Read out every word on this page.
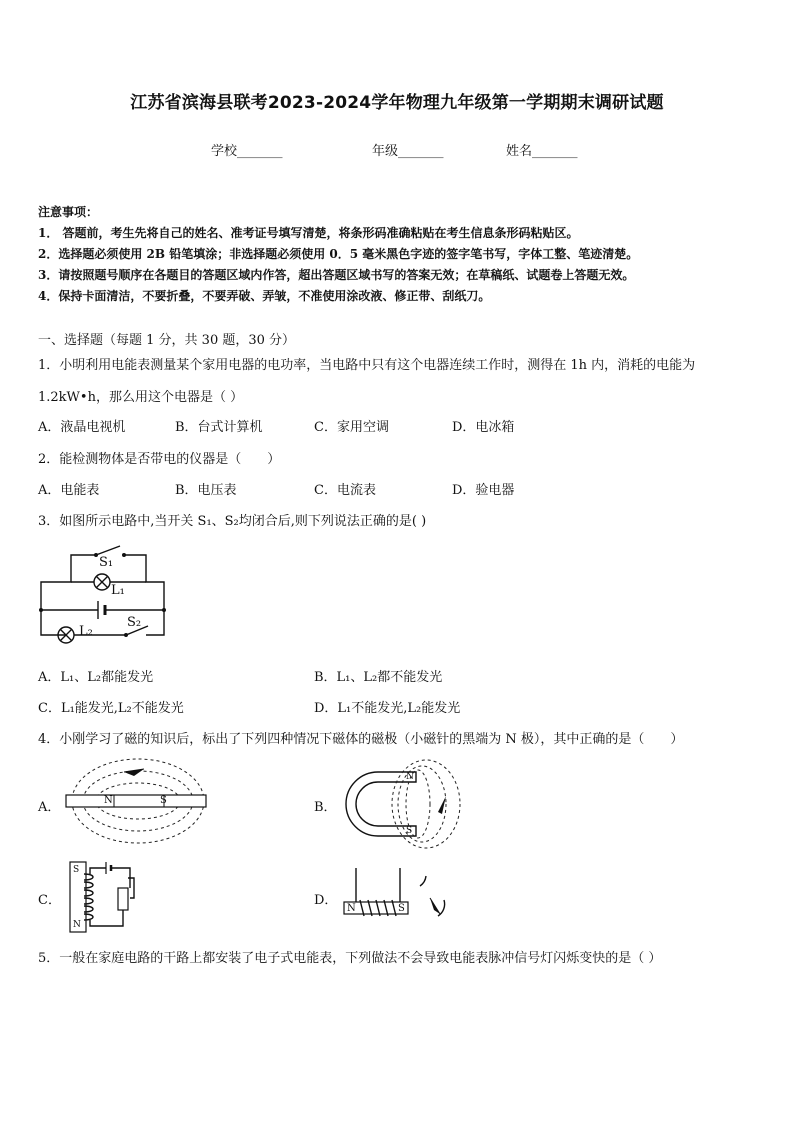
江苏省滨海县联考2023-2024学年物理九年级第一学期期末调研试题
学校_______	年级_______	姓名_______
注意事项：
1． 答题前，考生先将自己的姓名、准考证号填写清楚，将条形码准确粘贴在考生信息条形码粘贴区。
2．选择题必须使用 2B 铅笔填涂；非选择题必须使用 0．5 毫米黑色字迹的签字笔书写，字体工整、笔迹清楚。
3．请按照题号顺序在各题目的答题区域内作答，超出答题区域书写的答案无效；在草稿纸、试题卷上答题无效。
4．保持卡面清洁，不要折叠，不要弄破、弄皱，不准使用涂改液、修正带、刮纸刀。
一、选择题（每题 1 分，共 30 题，30 分）
1．小明利用电能表测量某个家用电器的电功率，当电路中只有这个电器连续工作时，测得在 1h 内，消耗的电能为
1.2kW•h，那么用这个电器是（ ）
A．液晶电视机	B．台式计算机	C．家用空调	D．电冰箱
2．能检测物体是否带电的仪器是（　　）
A．电能表	B．电压表	C．电流表	D．验电器
3．如图所示电路中,当开关 S₁、S₂均闭合后,则下列说法正确的是( )
S₁
L₁
L₂
S₂
A．L₁、L₂都能发光	B．L₁、L₂都不能发光
C．L₁能发光,L₂不能发光	D．L₁不能发光,L₂能发光
4．小刚学习了磁的知识后，标出了下列四种情况下磁体的磁极（小磁针的黑端为 N 极），其中正确的是（　　）
A．	B．
C．	D．
N	S
N
S
S
N
N	S
5．一般在家庭电路的干路上都安装了电子式电能表，下列做法不会导致电能表脉冲信号灯闪烁变快的是（ ）
